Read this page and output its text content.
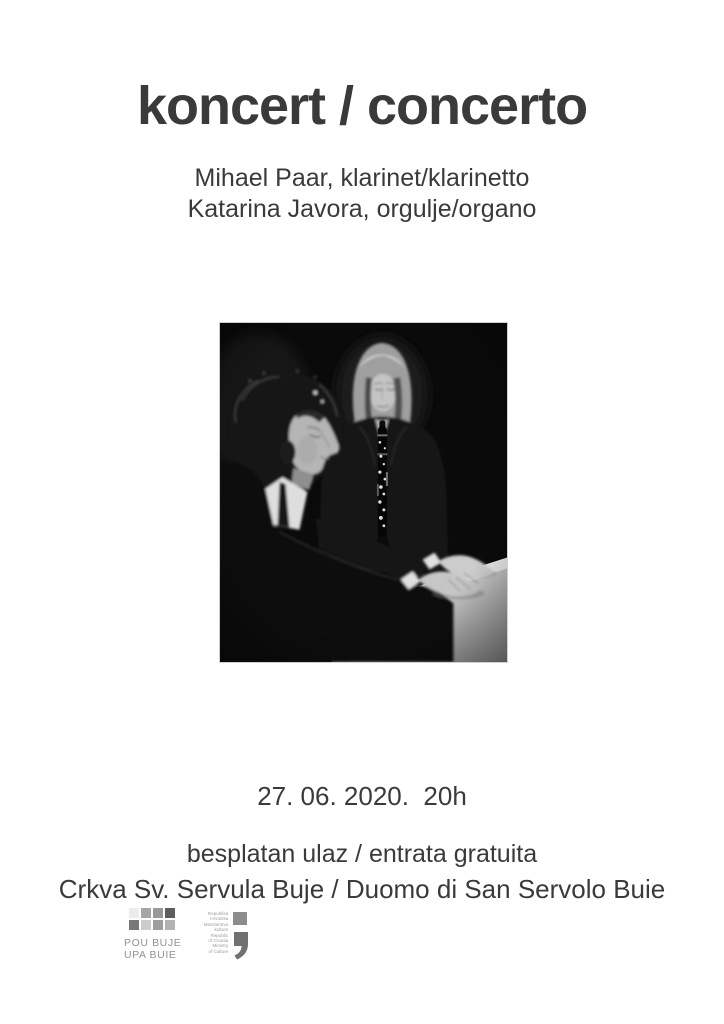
koncert / concerto
Mihael Paar, klarinet/klarinetto
Katarina Javora, orgulje/organo

27. 06. 2020.  20h

Crkva Sv. Servula Buje / Duomo di San Servolo Buie

besplatan ulaz / entrata gratuita
POU BUJE
UPA BUIE
Republika
Hrvatska
Ministarstvo
kulture
Republic
of Croatia
Ministry
of Culture
